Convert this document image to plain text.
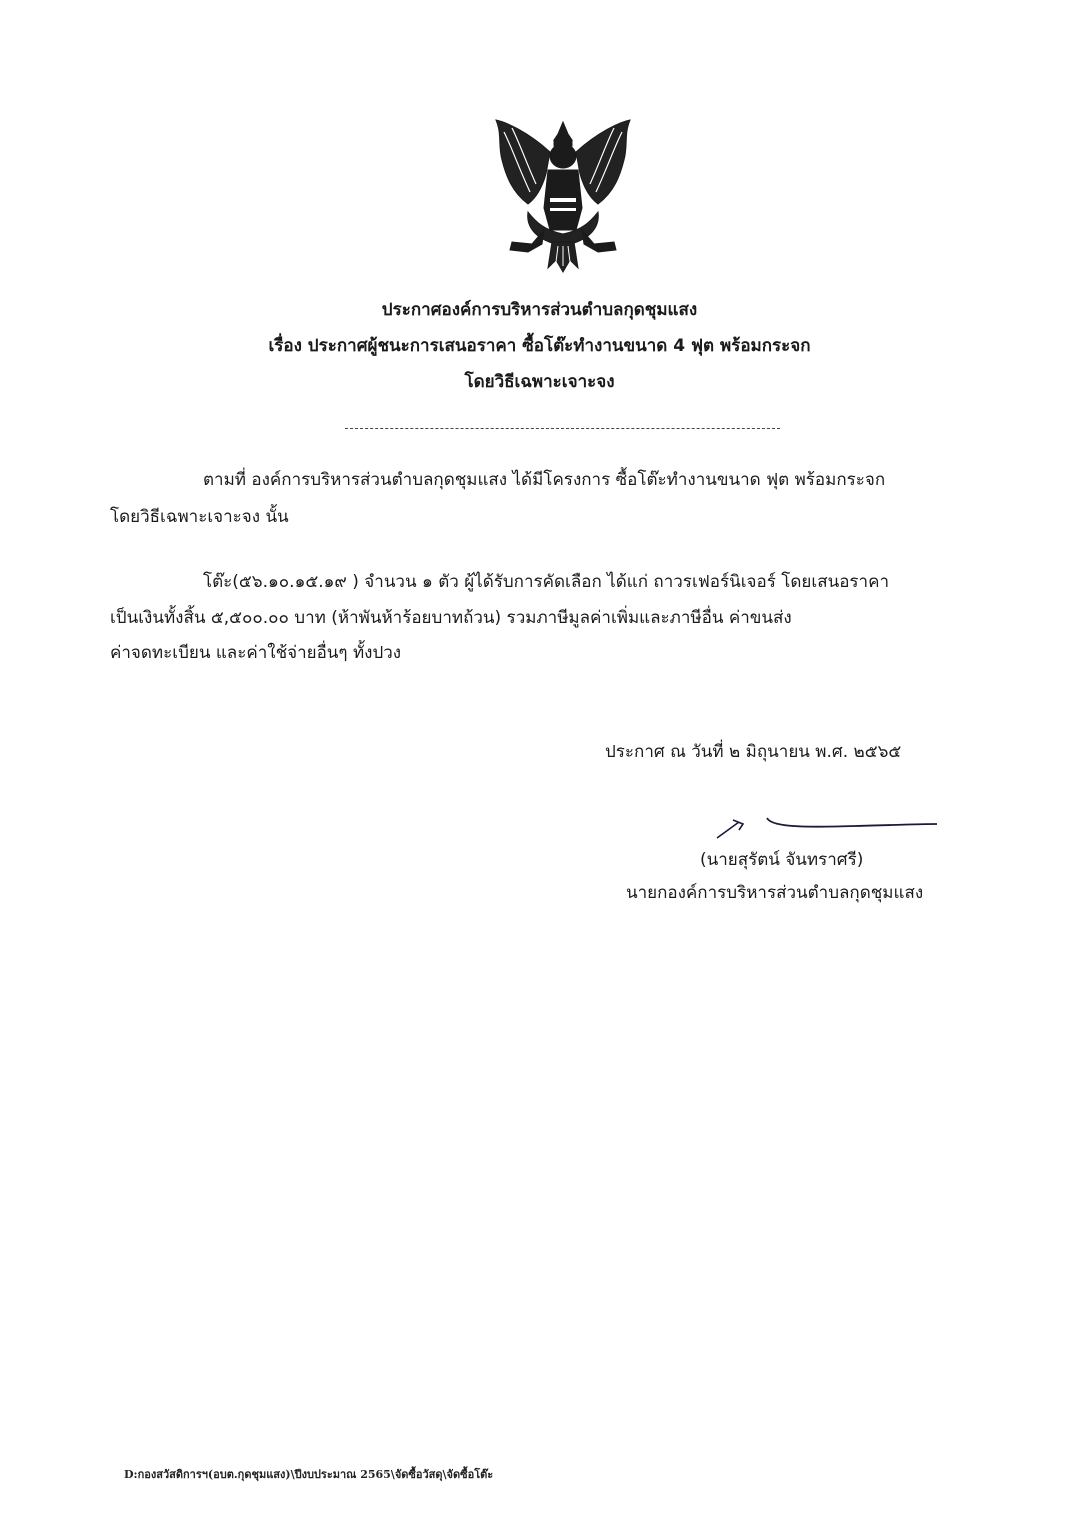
ประกาศองค์การบริหารส่วนตำบลกุดชุมแสง
เรื่อง ประกาศผู้ชนะการเสนอราคา ซื้อโต๊ะทำงานขนาด 4 ฟุต พร้อมกระจก
โดยวิธีเฉพาะเจาะจง
ตามที่ องค์การบริหารส่วนตำบลกุดชุมแสง ได้มีโครงการ ซื้อโต๊ะทำงานขนาด ฟุต พร้อมกระจก
โดยวิธีเฉพาะเจาะจง นั้น
โต๊ะ(๕๖.๑๐.๑๕.๑๙ ) จำนวน ๑ ตัว ผู้ได้รับการคัดเลือก ได้แก่ ถาวรเฟอร์นิเจอร์ โดยเสนอราคา
เป็นเงินทั้งสิ้น ๕,๕๐๐.๐๐ บาท (ห้าพันห้าร้อยบาทถ้วน) รวมภาษีมูลค่าเพิ่มและภาษีอื่น ค่าขนส่ง
ค่าจดทะเบียน และค่าใช้จ่ายอื่นๆ ทั้งปวง
ประกาศ ณ วันที่ ๒ มิถุนายน พ.ศ. ๒๕๖๕
(นายสุรัตน์ จันทราศรี)
นายกองค์การบริหารส่วนตำบลกุดชุมแสง
D:กองสวัสดิการฯ(อบต.กุดชุมแสง)\ปีงบประมาณ 2565\จัดซื้อวัสดุ\จัดซื้อโต๊ะ
